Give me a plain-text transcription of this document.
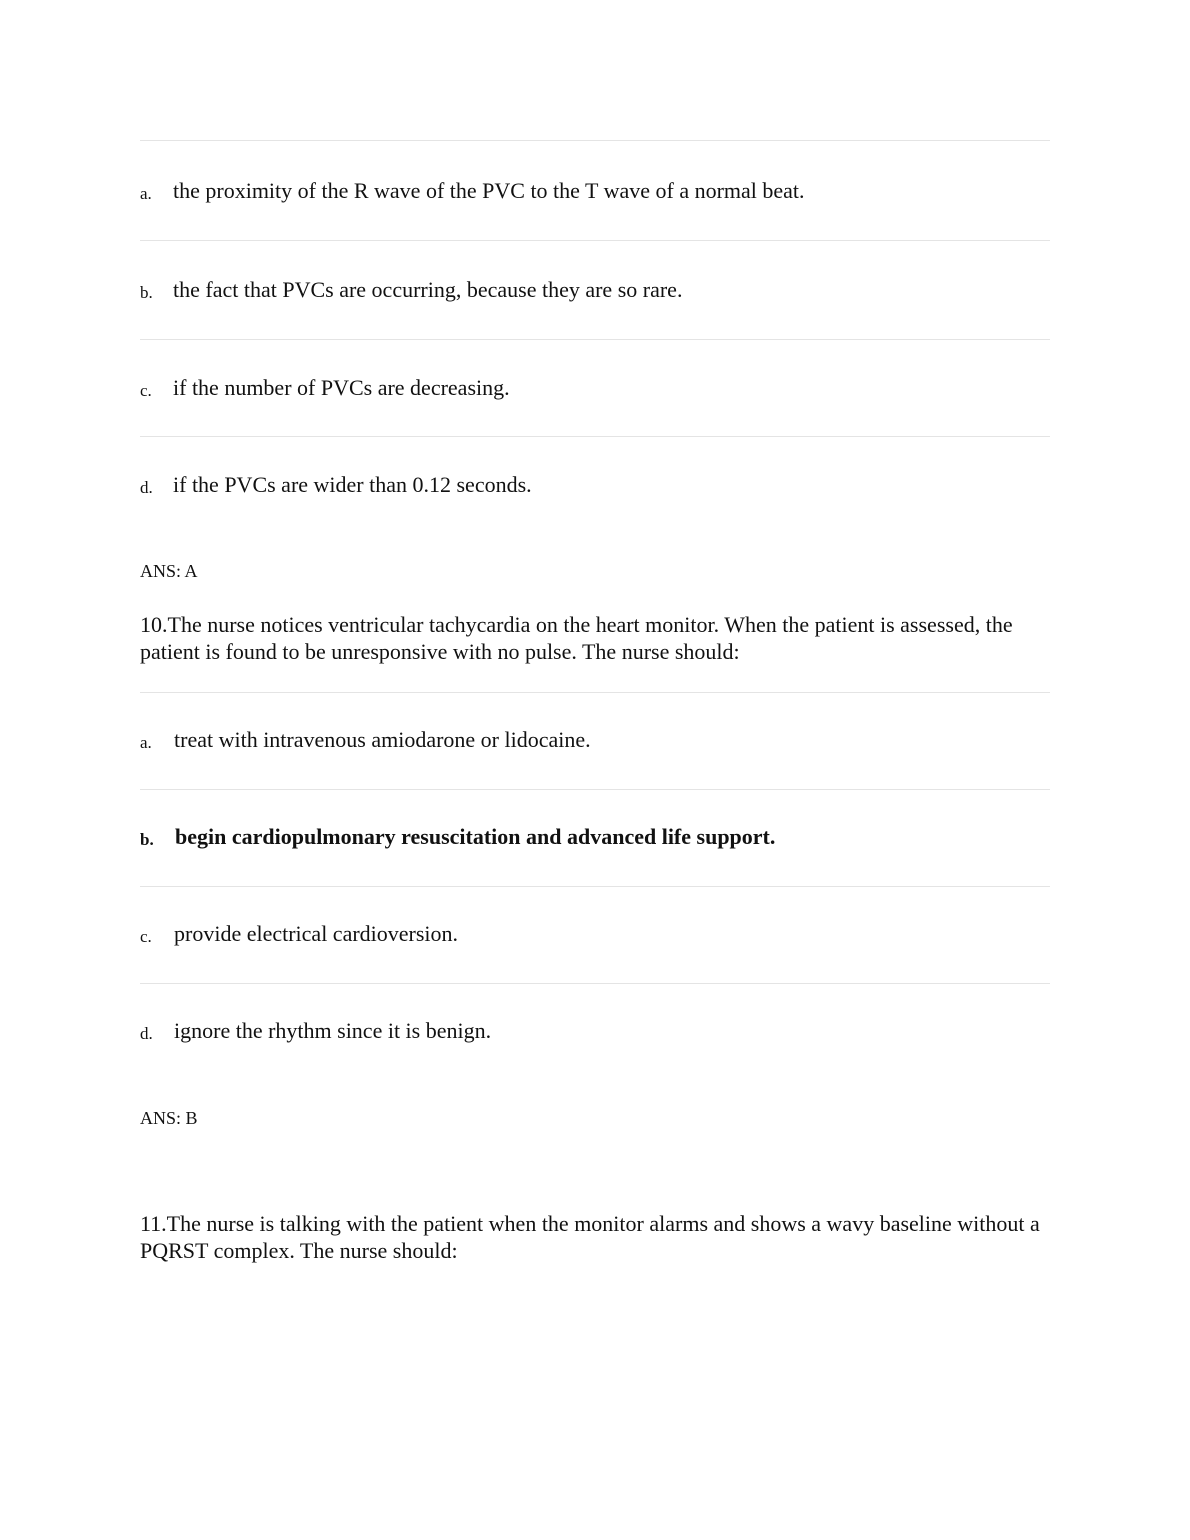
a. the proximity of the R wave of the PVC to the T wave of a normal beat.
b. the fact that PVCs are occurring, because they are so rare.
c. if the number of PVCs are decreasing.
d. if the PVCs are wider than 0.12 seconds.
ANS: A

10.The nurse notices ventricular tachycardia on the heart monitor. When the patient is assessed, the patient is found to be unresponsive with no pulse. The nurse should:

a. treat with intravenous amiodarone or lidocaine.
b. begin cardiopulmonary resuscitation and advanced life support.
c. provide electrical cardioversion.
d. ignore the rhythm since it is benign.
ANS: B

11.The nurse is talking with the patient when the monitor alarms and shows a wavy baseline without a PQRST complex. The nurse should:
